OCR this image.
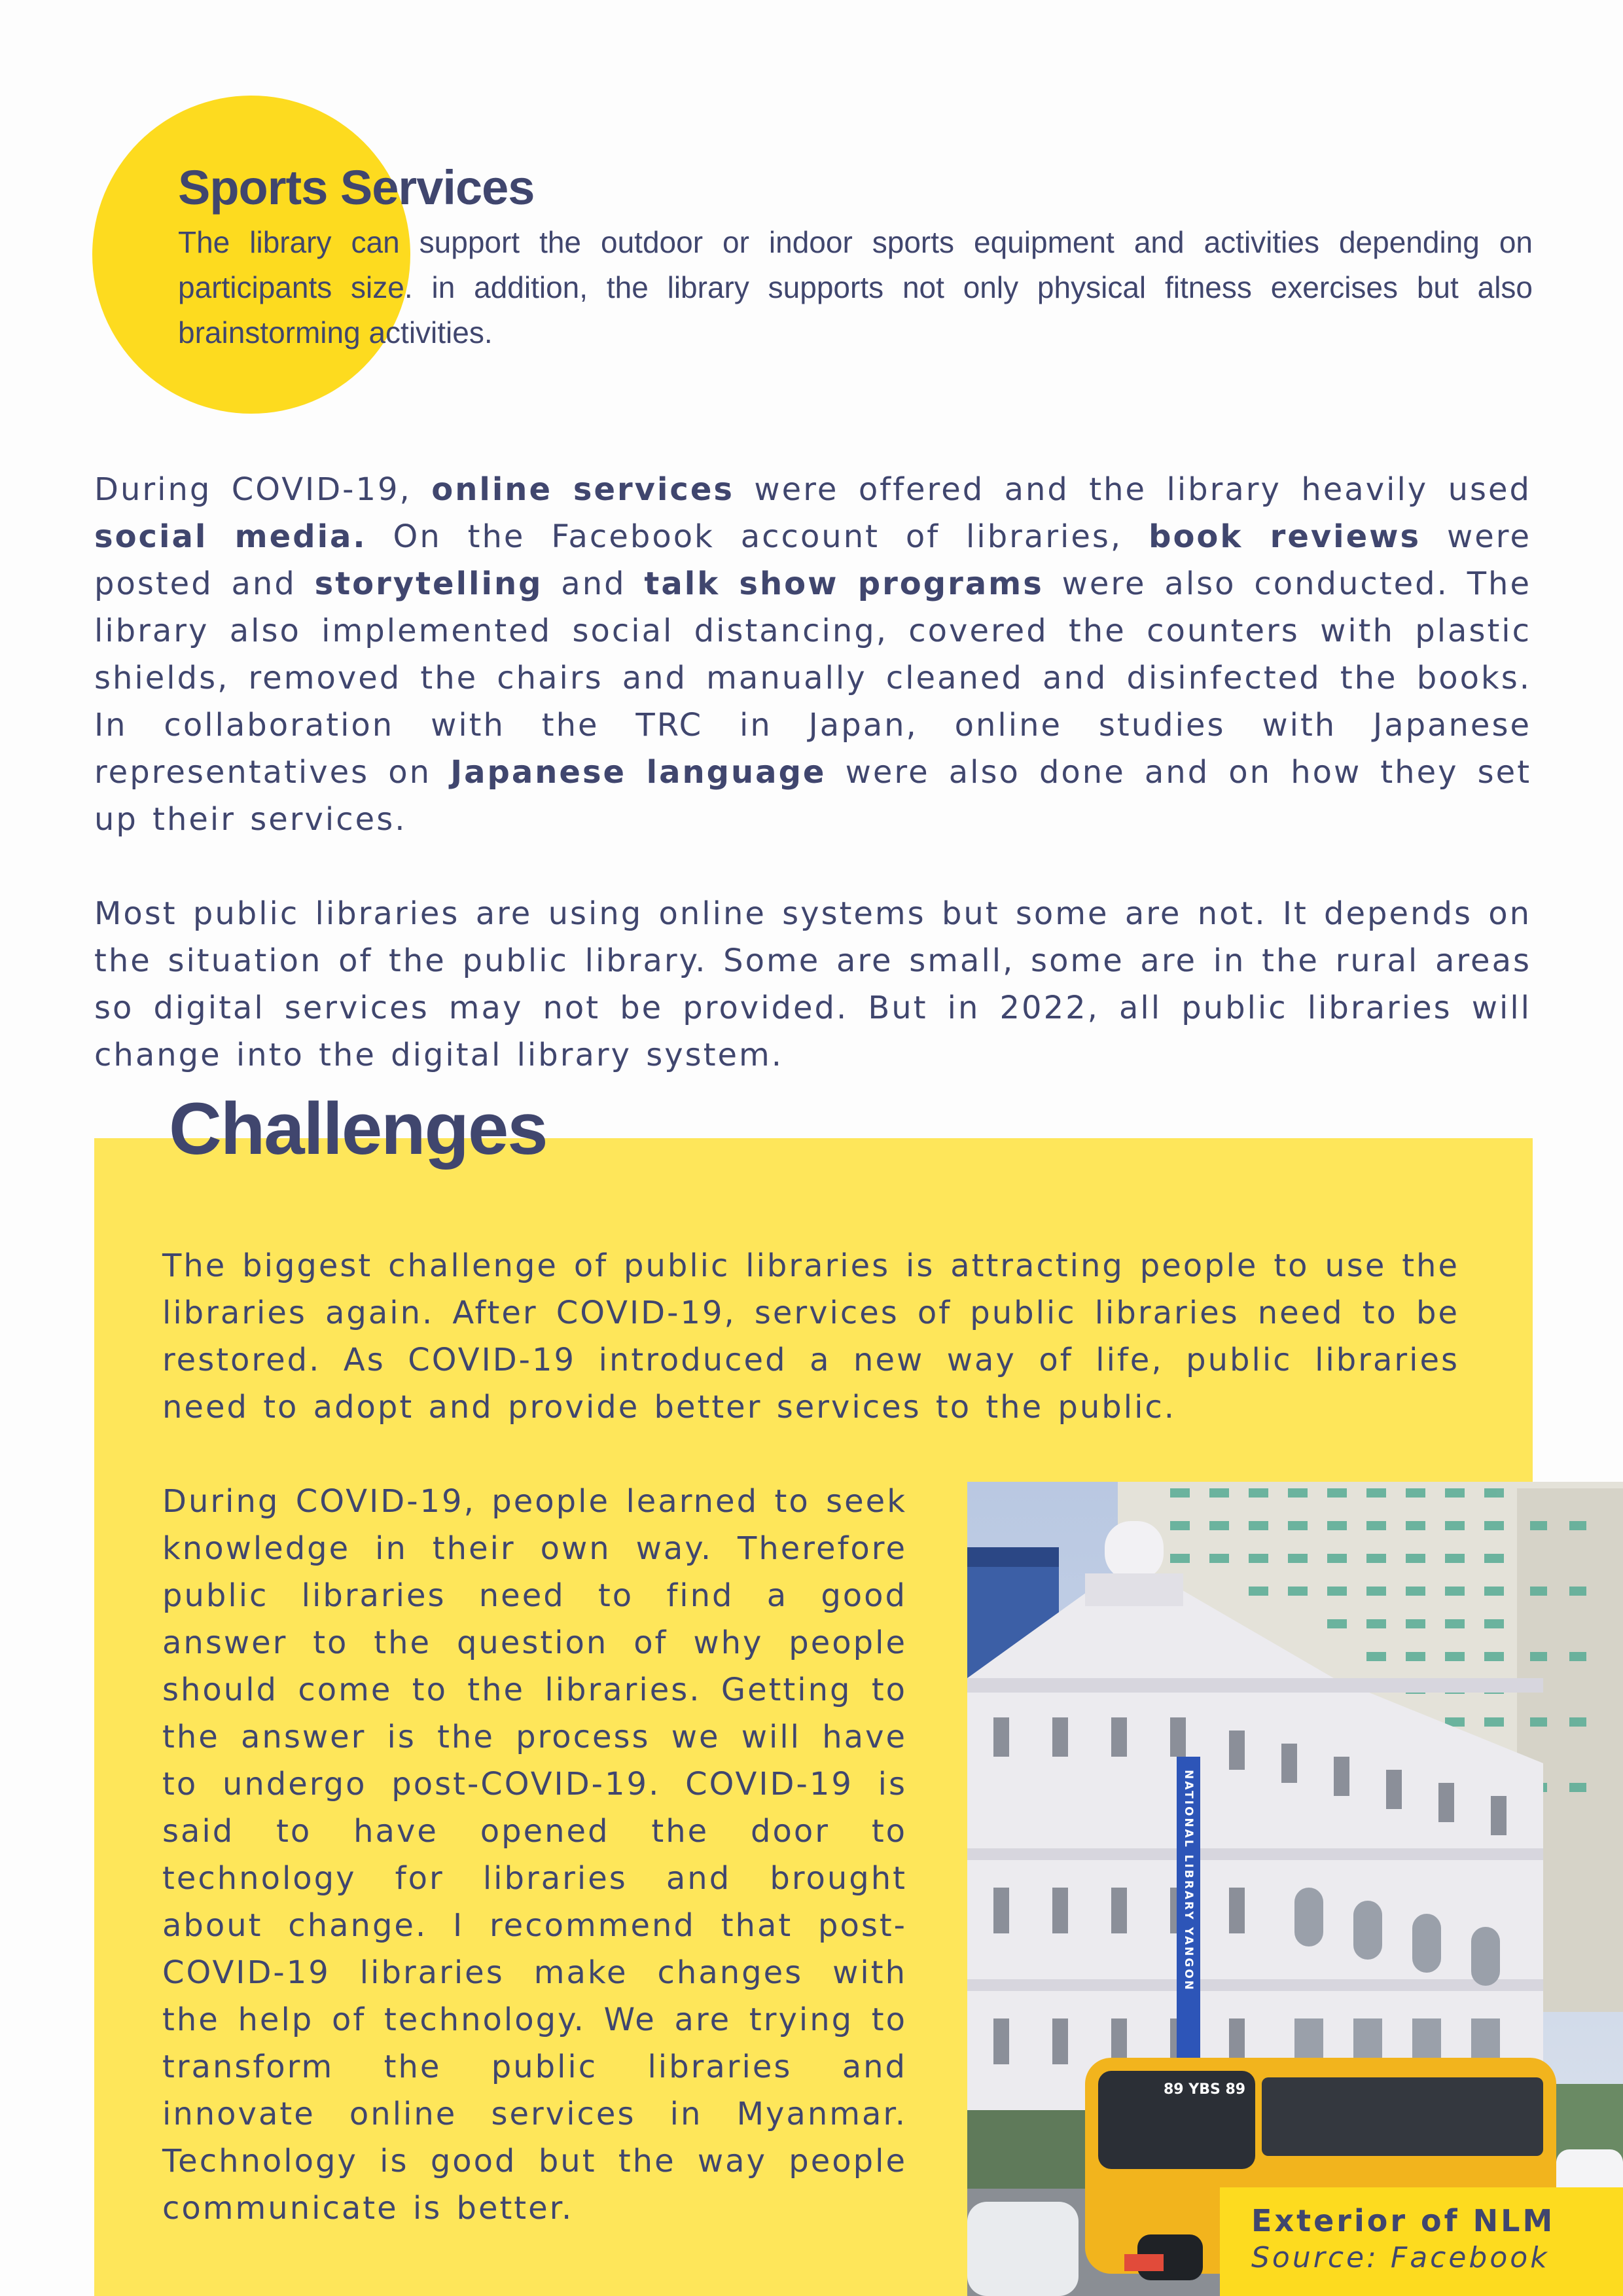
Sports Services

The library can support the outdoor or indoor sports equipment and activities depending on participants size. in addition, the library supports not only physical fitness exercises but also brainstorming activities.

During COVID-19, online services were offered and the library heavily used social media. On the Facebook account of libraries, book reviews were posted and storytelling and talk show programs were also conducted. The library also implemented social distancing, covered the counters with plastic shields, removed the chairs and manually cleaned and disinfected the books. In collaboration with the TRC in Japan, online studies with Japanese representatives on Japanese language were also done and on how they set up their services.

Most public libraries are using online systems but some are not. It depends on the situation of the public library. Some are small, some are in the rural areas so digital services may not be provided. But in 2022, all public libraries will change into the digital library system.

Challenges

The biggest challenge of public libraries is attracting people to use the libraries again. After COVID-19, services of public libraries need to be restored. As COVID-19 introduced a new way of life, public libraries need to adopt and provide better services to the public.

During COVID-19, people learned to seek knowledge in their own way. Therefore public libraries need to find a good answer to the question of why people should come to the libraries. Getting to the answer is the process we will have to undergo post-COVID-19. COVID-19 is said to have opened the door to technology for libraries and brought about change. I recommend that post-COVID-19 libraries make changes with the help of technology. We are trying to transform the public libraries and innovate online services in Myanmar. Technology is good but the way people communicate is better.

NATIONAL LIBRARY YANGON
89 YBS 89
Exterior of NLM
Source: Facebook
